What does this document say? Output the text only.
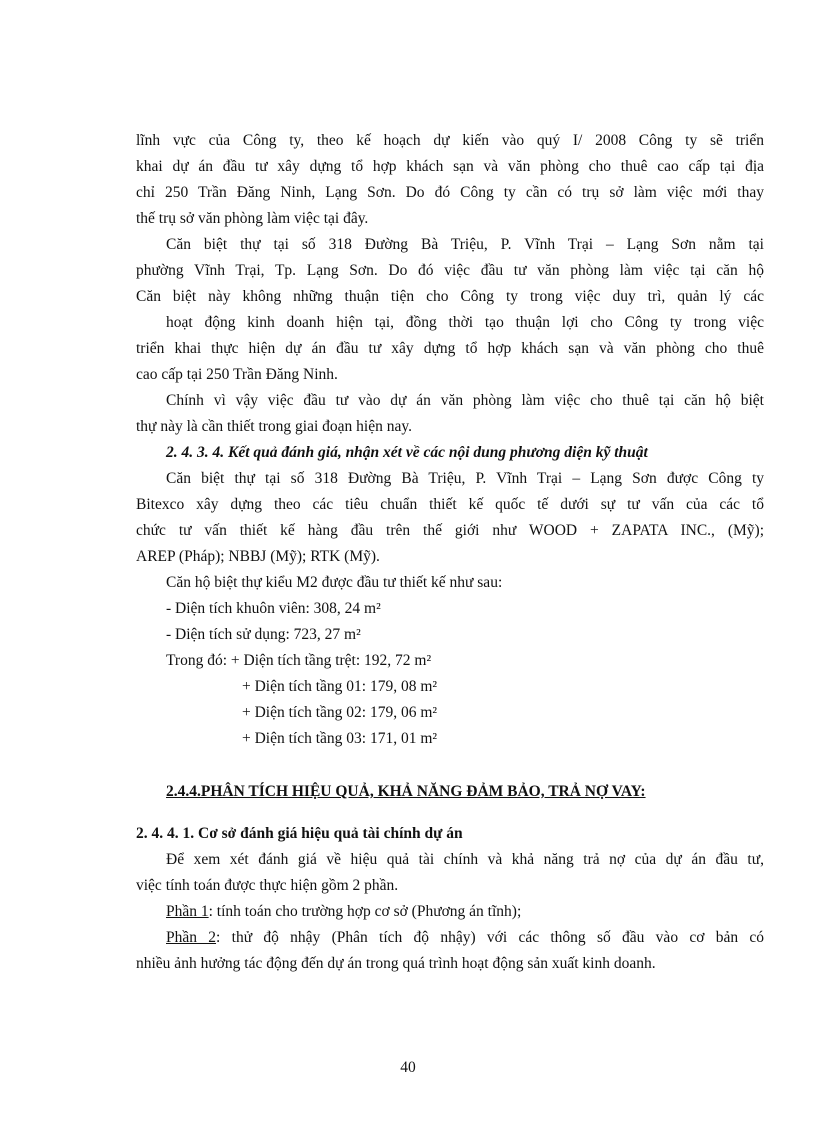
lĩnh vực của Công ty, theo kế hoạch dự kiến vào quý I/ 2008 Công ty sẽ triển
khai dự án đầu tư xây dựng tổ hợp khách sạn và văn phòng cho thuê cao cấp tại địa
chỉ 250 Trần Đăng Ninh, Lạng Sơn. Do đó Công ty cần có trụ sở làm việc mới thay
thế trụ sở văn phòng làm việc tại đây.
Căn biệt thự tại số 318 Đường Bà Triệu, P. Vĩnh Trại – Lạng Sơn nằm tại
phường Vĩnh Trại, Tp. Lạng Sơn. Do đó việc đầu tư văn phòng làm việc tại căn hộ
Căn biệt này không những thuận tiện cho Công ty trong việc duy trì, quản lý các
hoạt động kinh doanh hiện tại, đồng thời tạo thuận lợi cho Công ty trong việc
triển khai thực hiện dự án đầu tư xây dựng tổ hợp khách sạn và văn phòng cho thuê
cao cấp tại 250 Trần Đăng Ninh.
Chính vì vậy việc đầu tư vào dự án văn phòng làm việc cho thuê tại căn hộ biệt
thự này là cần thiết trong giai đoạn hiện nay.
2. 4. 3. 4. Kết quả đánh giá, nhận xét về các nội dung phương diện kỹ thuật
Căn biệt thự tại số 318 Đường Bà Triệu, P. Vĩnh Trại – Lạng Sơn được Công ty
Bitexco xây dựng theo các tiêu chuẩn thiết kế quốc tế dưới sự tư vấn của các tổ
chức tư vấn thiết kế hàng đầu trên thế giới như WOOD + ZAPATA INC., (Mỹ);
AREP (Pháp); NBBJ (Mỹ); RTK (Mỹ).
Căn hộ biệt thự kiểu M2 được đầu tư thiết kế như sau:
- Diện tích khuôn viên: 308, 24 m²
- Diện tích sử dụng: 723, 27 m²
Trong đó: + Diện tích tầng trệt: 192, 72 m²
+ Diện tích tầng 01: 179, 08 m²
+ Diện tích tầng 02: 179, 06 m²
+ Diện tích tầng 03: 171, 01 m²
2.4.4.PHÂN TÍCH HIỆU QUẢ, KHẢ NĂNG ĐẢM BẢO, TRẢ NỢ VAY:
2. 4. 4. 1. Cơ sở đánh giá hiệu quả tài chính dự án
Để xem xét đánh giá về hiệu quả tài chính và khả năng trả nợ của dự án đầu tư,
việc tính toán được thực hiện gồm 2 phần.
Phần 1: tính toán cho trường hợp cơ sở (Phương án tĩnh);
Phần 2: thử độ nhậy (Phân tích độ nhậy) với các thông số đầu vào cơ bản có
nhiều ảnh hưởng tác động đến dự án trong quá trình hoạt động sản xuất kinh doanh.
40
